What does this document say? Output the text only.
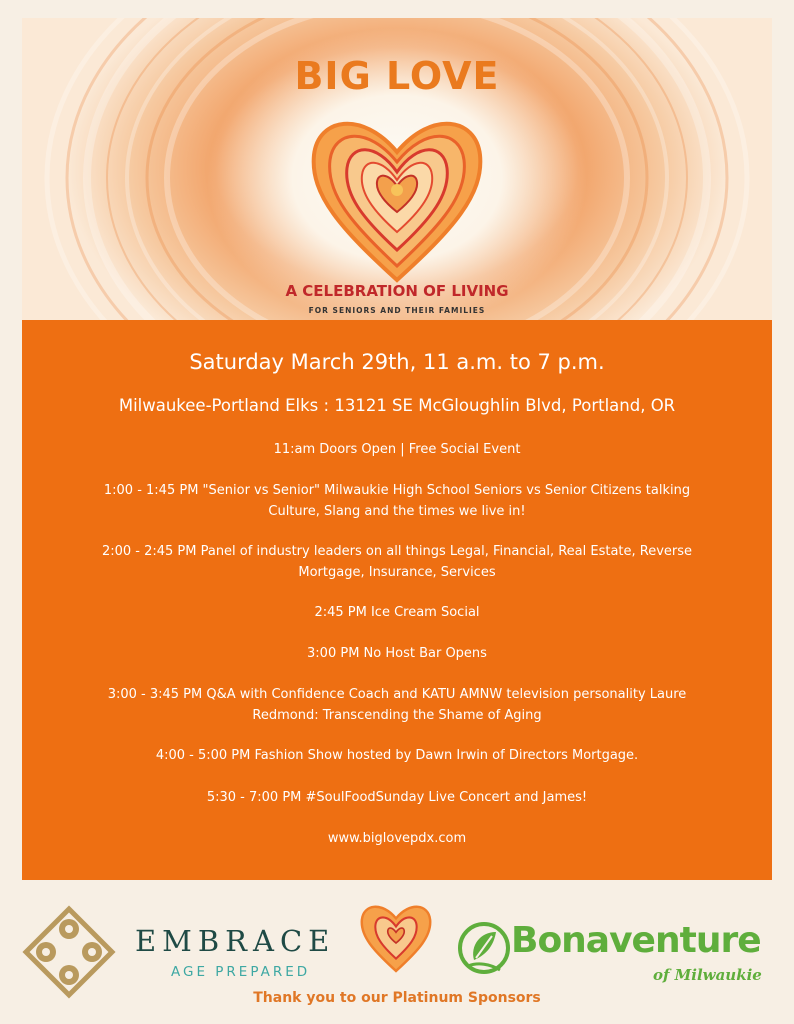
BIG LOVE
A CELEBRATION OF LIVING
FOR SENIORS AND THEIR FAMILIES
Saturday March 29th, 11 a.m. to 7 p.m.
Milwaukee-Portland Elks : 13121 SE McGloughlin Blvd, Portland, OR
11:am Doors Open | Free Social Event
1:00 - 1:45 PM "Senior vs Senior" Milwaukie High School Seniors vs Senior Citizens talking
Culture, Slang and the times we live in!
2:00 - 2:45 PM Panel of industry leaders on all things Legal, Financial, Real Estate, Reverse
Mortgage, Insurance, Services
2:45 PM Ice Cream Social
3:00 PM No Host Bar Opens
3:00 - 3:45 PM Q&A with Confidence Coach and KATU AMNW television personality Laure
Redmond: Transcending the Shame of Aging
4:00 - 5:00 PM Fashion Show hosted by Dawn Irwin of Directors Mortgage.
5:30 - 7:00 PM #SoulFoodSunday Live Concert and James!
www.biglovepdx.com
EMBRACE
AGE PREPARED
Bonaventure
of Milwaukie
Thank you to our Platinum Sponsors
